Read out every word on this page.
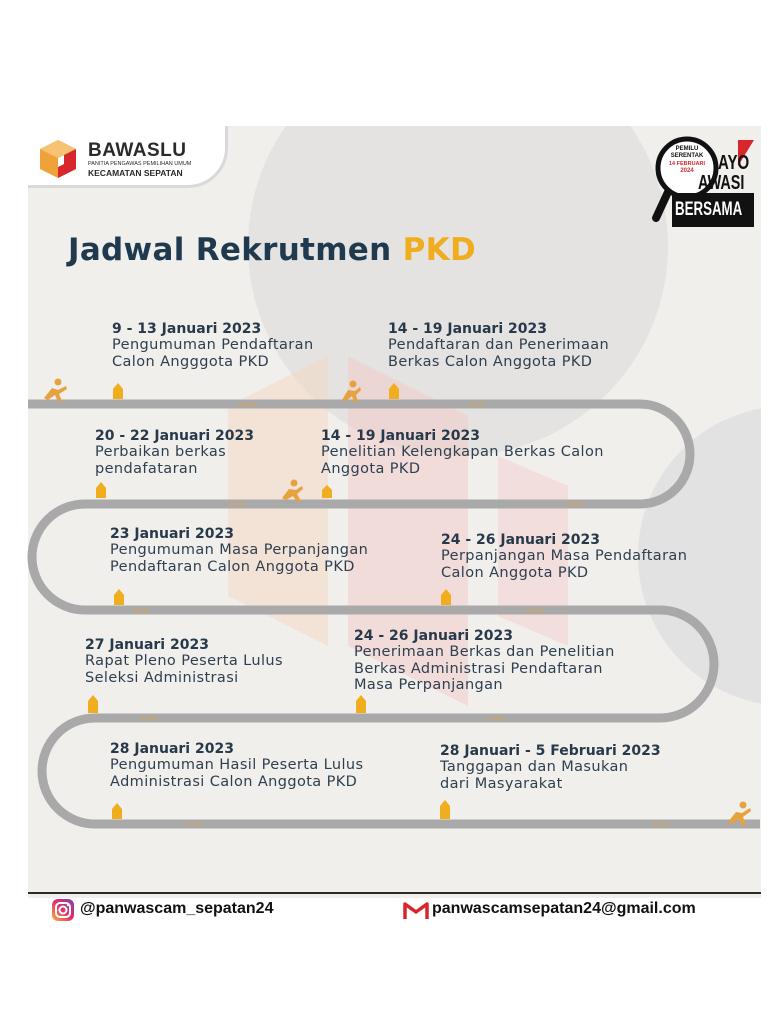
BAWASLU
PANITIA PENGAWAS PEMILIHAN UMUM
KECAMATAN SEPATAN
PEMILU
SERENTAK
14 FEBRUARI
2024	AYO
AWASI
BERSAMA
Jadwal Rekrutmen PKD
>>>	>>>
<<<	<<<
>>>	>>>
<<<	<<<
>>>	>>>
9 - 13 Januari 2023
Pengumuman Pendaftaran
Calon Angggota PKD
14 - 19 Januari 2023
Pendaftaran dan Penerimaan
Berkas Calon Anggota PKD
20 - 22 Januari 2023
Perbaikan berkas
pendafataran
14 - 19 Januari 2023
Penelitian Kelengkapan Berkas Calon
Anggota PKD
23 Januari 2023
Pengumuman Masa Perpanjangan
Pendaftaran Calon Anggota PKD
24 - 26 Januari 2023
Perpanjangan Masa Pendaftaran
Calon Anggota PKD
27 Januari 2023
Rapat Pleno Peserta Lulus
Seleksi Administrasi
24 - 26 Januari 2023
Penerimaan Berkas dan Penelitian
Berkas Administrasi Pendaftaran
Masa Perpanjangan
28 Januari 2023
Pengumuman Hasil Peserta Lulus
Administrasi Calon Anggota PKD
28 Januari - 5 Februari 2023
Tanggapan dan Masukan
dari Masyarakat
@panwascam_sepatan24	panwascamsepatan24@gmail.com
